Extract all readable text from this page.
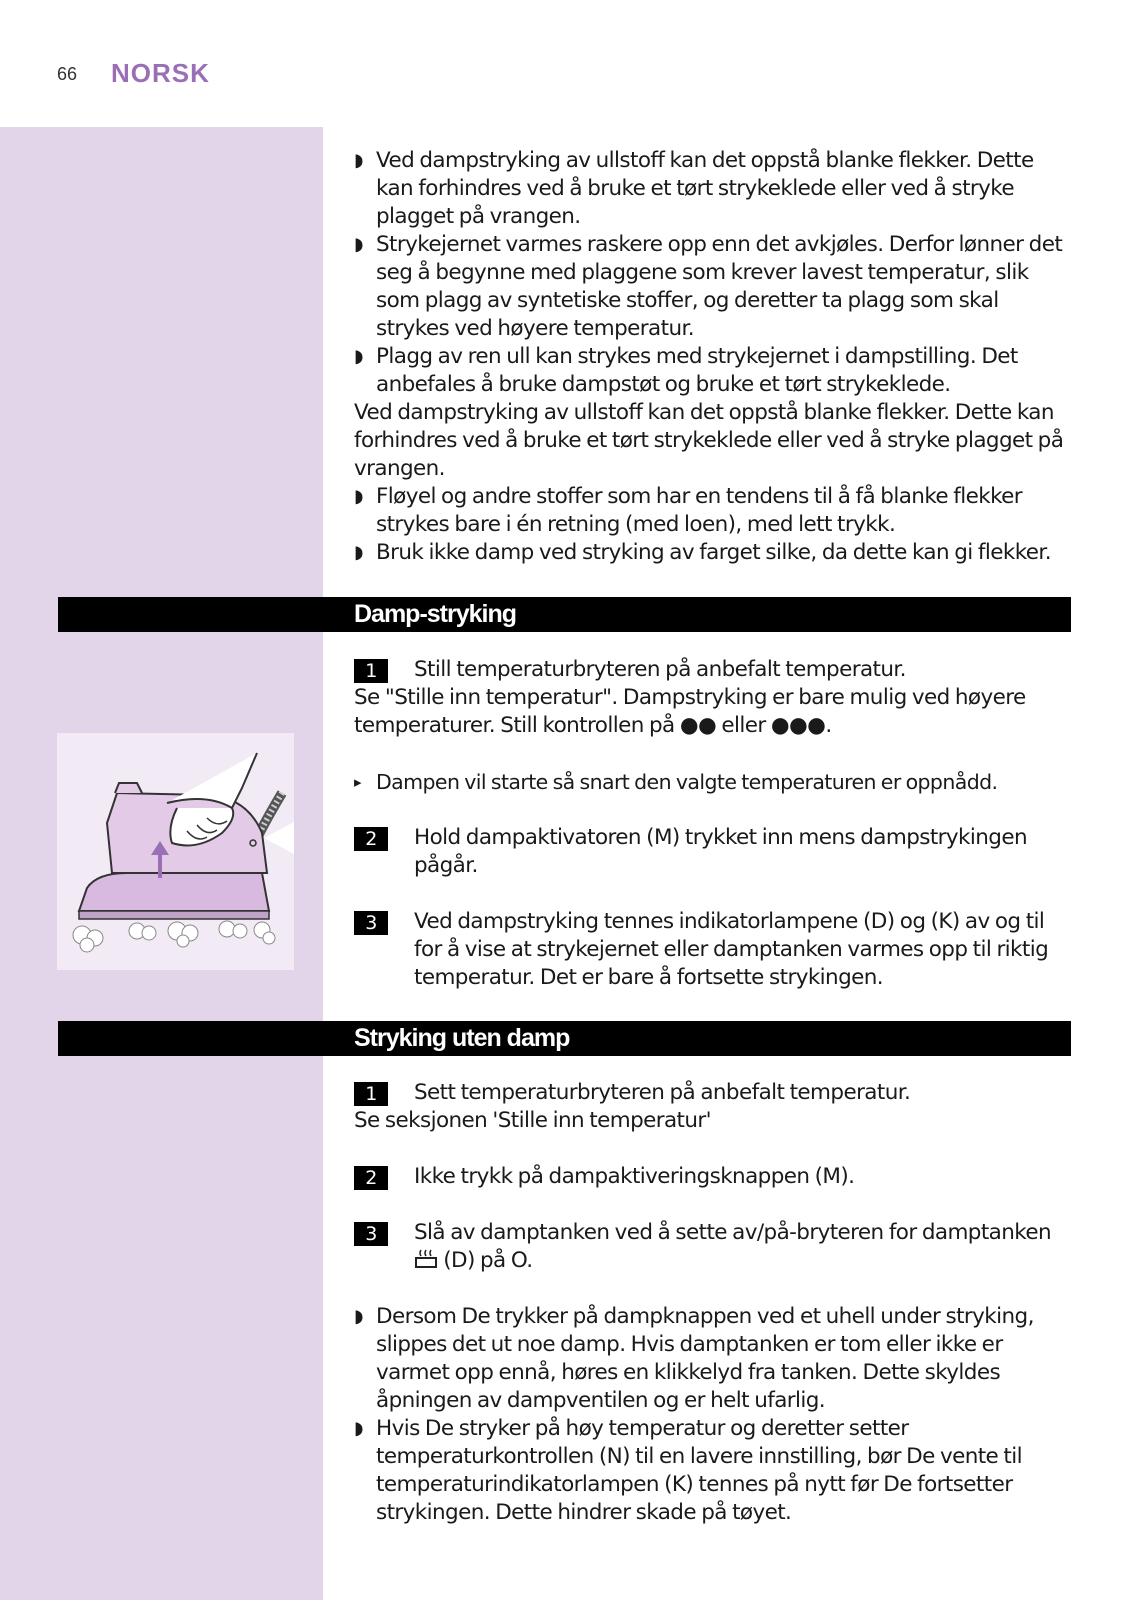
66 NORSK
◗ Ved dampstryking av ullstoff kan det oppstå blanke flekker. Dette kan forhindres ved å bruke et tørt strykeklede eller ved å stryke plagget på vrangen.
◗ Strykejernet varmes raskere opp enn det avkjøles. Derfor lønner det seg å begynne med plaggene som krever lavest temperatur, slik som plagg av syntetiske stoffer, og deretter ta plagg som skal strykes ved høyere temperatur.
◗ Plagg av ren ull kan strykes med strykejernet i dampstilling. Det anbefales å bruke dampstøt og bruke et tørt strykeklede.
Ved dampstryking av ullstoff kan det oppstå blanke flekker. Dette kan forhindres ved å bruke et tørt strykeklede eller ved å stryke plagget på vrangen.
◗ Fløyel og andre stoffer som har en tendens til å få blanke flekker strykes bare i én retning (med loen), med lett trykk.
◗ Bruk ikke damp ved stryking av farget silke, da dette kan gi flekker.
Damp-stryking
1	Still temperaturbryteren på anbefalt temperatur.
Se "Stille inn temperatur". Dampstryking er bare mulig ved høyere temperaturer. Still kontrollen på ●● eller ●●●.
▸ Dampen vil starte så snart den valgte temperaturen er oppnådd.
2	Hold dampaktivatoren (M) trykket inn mens dampstrykingen pågår.
3	Ved dampstryking tennes indikatorlampene (D) og (K) av og til for å vise at strykejernet eller damptanken varmes opp til riktig temperatur. Det er bare å fortsette strykingen.
Stryking uten damp
1	Sett temperaturbryteren på anbefalt temperatur.
Se seksjonen 'Stille inn temperatur'
2	Ikke trykk på dampaktiveringsknappen (M).
3	Slå av damptanken ved å sette av/på-bryteren for damptanken
(D) på O.
◗ Dersom De trykker på dampknappen ved et uhell under stryking, slippes det ut noe damp. Hvis damptanken er tom eller ikke er varmet opp ennå, høres en klikkelyd fra tanken. Dette skyldes åpningen av dampventilen og er helt ufarlig.
◗ Hvis De stryker på høy temperatur og deretter setter temperaturkontrollen (N) til en lavere innstilling, bør De vente til temperaturindikatorlampen (K) tennes på nytt før De fortsetter strykingen. Dette hindrer skade på tøyet.
